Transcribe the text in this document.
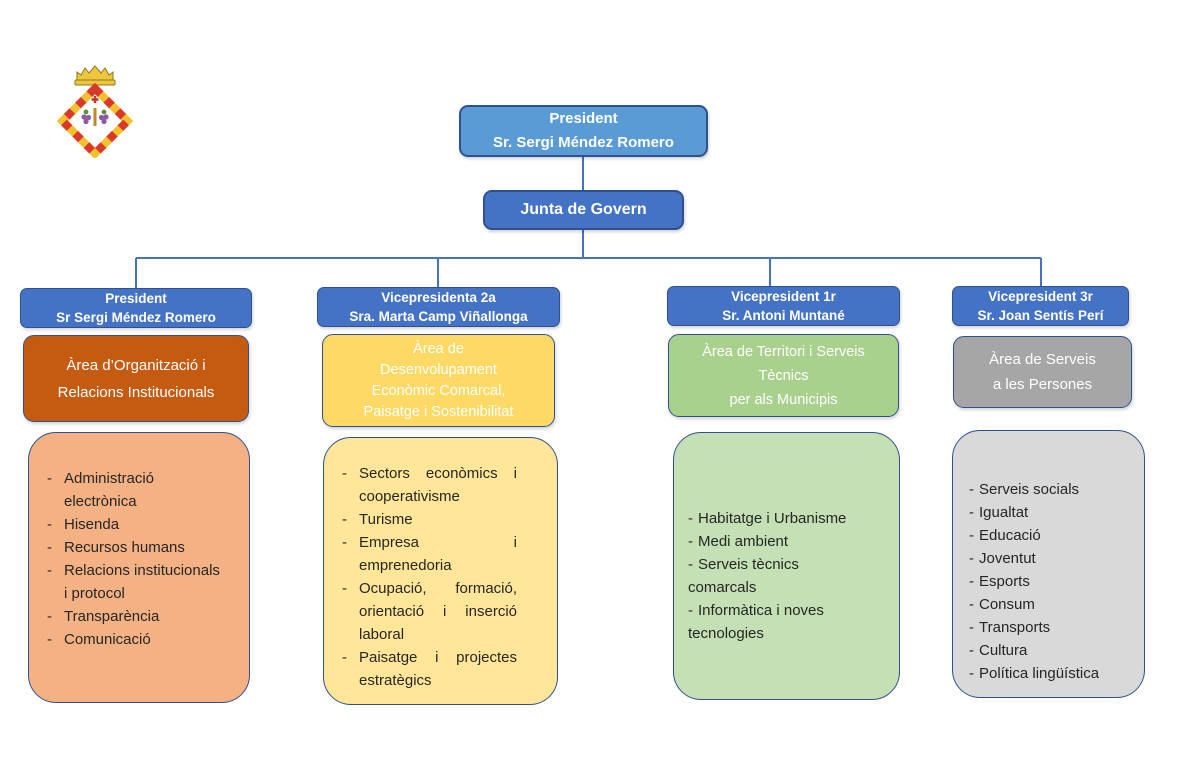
President
Sr. Sergi Méndez Romero
Junta de Govern
President
Sr Sergi Méndez Romero
Àrea d’Organització i
Relacions Institucionals
- Administració electrònica
- Hisenda
- Recursos humans
- Relacions institucionals i protocol
- Transparència
- Comunicació
Vicepresidenta 2a
Sra. Marta Camp Viñallonga
Àrea de
Desenvolupament
Econòmic Comarcal,
Paisatge i Sostenibilitat
- Sectors econòmics i cooperativisme
- Turisme
- Empresa i emprenedoria
- Ocupació, formació, orientació i inserció laboral
- Paisatge i projectes estratègics
Vicepresident 1r
Sr. Antoni Muntané
Àrea de Territori i Serveis
Tècnics
per als Municipis
- Habitatge i Urbanisme
- Medi ambient
- Serveis tècnics comarcals
- Informàtica i noves tecnologies
Vicepresident 3r
Sr. Joan Sentís Perí
Àrea de Serveis
a les Persones
- Serveis socials
- Igualtat
- Educació
- Joventut
- Esports
- Consum
- Transports
- Cultura
- Política lingüística
